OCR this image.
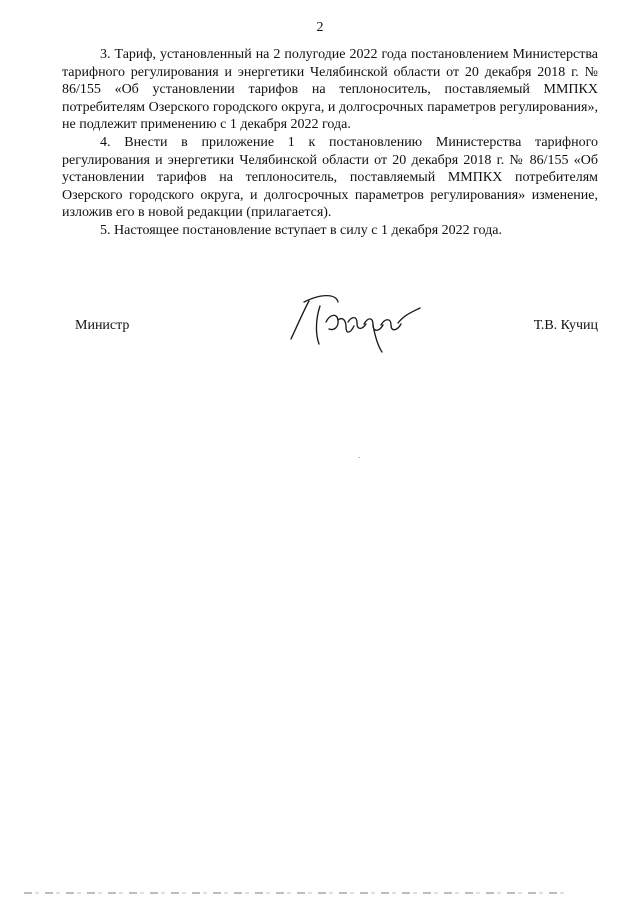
2

3. Тариф, установленный на 2 полугодие 2022 года постановлением Министерства тарифного регулирования и энергетики Челябинской области от 20 декабря 2018 г. № 86/155 «Об установлении тарифов на теплоноситель, поставляемый ММПКХ потребителям Озерского городского округа, и долгосрочных параметров регулирования», не подлежит применению с 1 декабря 2022 года.

4. Внести в приложение 1 к постановлению Министерства тарифного регулирования и энергетики Челябинской области от 20 декабря 2018 г. № 86/155 «Об установлении тарифов на теплоноситель, поставляемый ММПКХ потребителям Озерского городского округа, и долгосрочных параметров регулирования» изменение, изложив его в новой редакции (прилагается).

5. Настоящее постановление вступает в силу с 1 декабря 2022 года.

Министр	Т.В. Кучиц
